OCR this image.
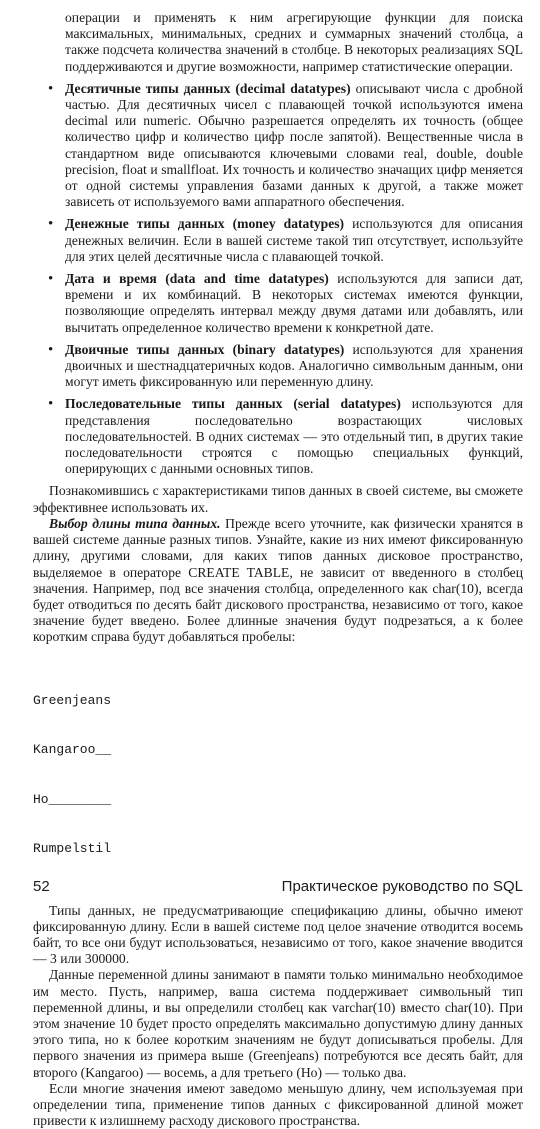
операции и применять к ним агрегирующие функции для поиска максимальных, минимальных, средних и суммарных значений столбца, а также подсчета количества значений в столбце. В некоторых реализациях SQL поддерживаются и другие возможности, например статистические операции.

• Десятичные типы данных (decimal datatypes) описывают числа с дробной частью. Для десятичных чисел с плавающей точкой используются имена decimal или numeric. Обычно разрешается определять их точность (общее количество цифр и количество цифр после запятой). Вещественные числа в стандартном виде описываются ключевыми словами real, double, double precision, float и smallfloat. Их точность и количество значащих цифр меняется от одной системы управления базами данных к другой, а также может зависеть от используемого вами аппаратного обеспечения.
• Денежные типы данных (money datatypes) используются для описания денежных величин. Если в вашей системе такой тип отсутствует, используйте для этих целей десятичные числа с плавающей точкой.
• Дата и время (data and time datatypes) используются для записи дат, времени и их комбинаций. В некоторых системах имеются функции, позволяющие определять интервал между двумя датами или добавлять, или вычитать определенное количество времени к конкретной дате.
• Двоичные типы данных (binary datatypes) используются для хранения двоичных и шестнадцатеричных кодов. Аналогично символьным данным, они могут иметь фиксированную или переменную длину.
• Последовательные типы данных (serial datatypes) используются для представления последовательно возрастающих числовых последовательностей. В одних системах — это отдельный тип, в других такие последовательности строятся с помощью специальных функций, оперирующих с данными основных типов.

Познакомившись с характеристиками типов данных в своей системе, вы сможете эффективнее использовать их.

Выбор длины типа данных. Прежде всего уточните, как физически хранятся в вашей системе данные разных типов. Узнайте, какие из них имеют фиксированную длину, другими словами, для каких типов данных дисковое пространство, выделяемое в операторе CREATE TABLE, не зависит от введенного в столбец значения. Например, под все значения столбца, определенного как char(10), всегда будет отводиться по десять байт дискового пространства, независимо от того, какое значение будет введено. Более длинные значения будут подрезаться, а к более коротким справа будут добавляться пробелы:

Greenjeans

Kangaroo__

Ho________

Rumpelstil

Типы данных, не предусматривающие спецификацию длины, обычно имеют фиксированную длину. Если в вашей системе под целое значение отводится восемь байт, то все они будут использоваться, независимо от того, какое значение вводится — 3 или 300000.

Данные переменной длины занимают в памяти только минимально необходимое им место. Пусть, например, ваша система поддерживает символьный тип переменной длины, и вы определили столбец как varchar(10) вместо char(10). При этом значение 10 будет просто определять максимально допустимую длину данных этого типа, но к более коротким значениям не будут дописываться пробелы. Для первого значения из примера выше (Greenjeans) потребуются все десять байт, для второго (Kangaroo) — восемь, а для третьего (Ho) — только два.

Если многие значения имеют заведомо меньшую длину, чем используемая при определении типа, применение типов данных с фиксированной длиной может привести к излишнему расходу дискового пространства.

52	Практическое руководство по SQL
